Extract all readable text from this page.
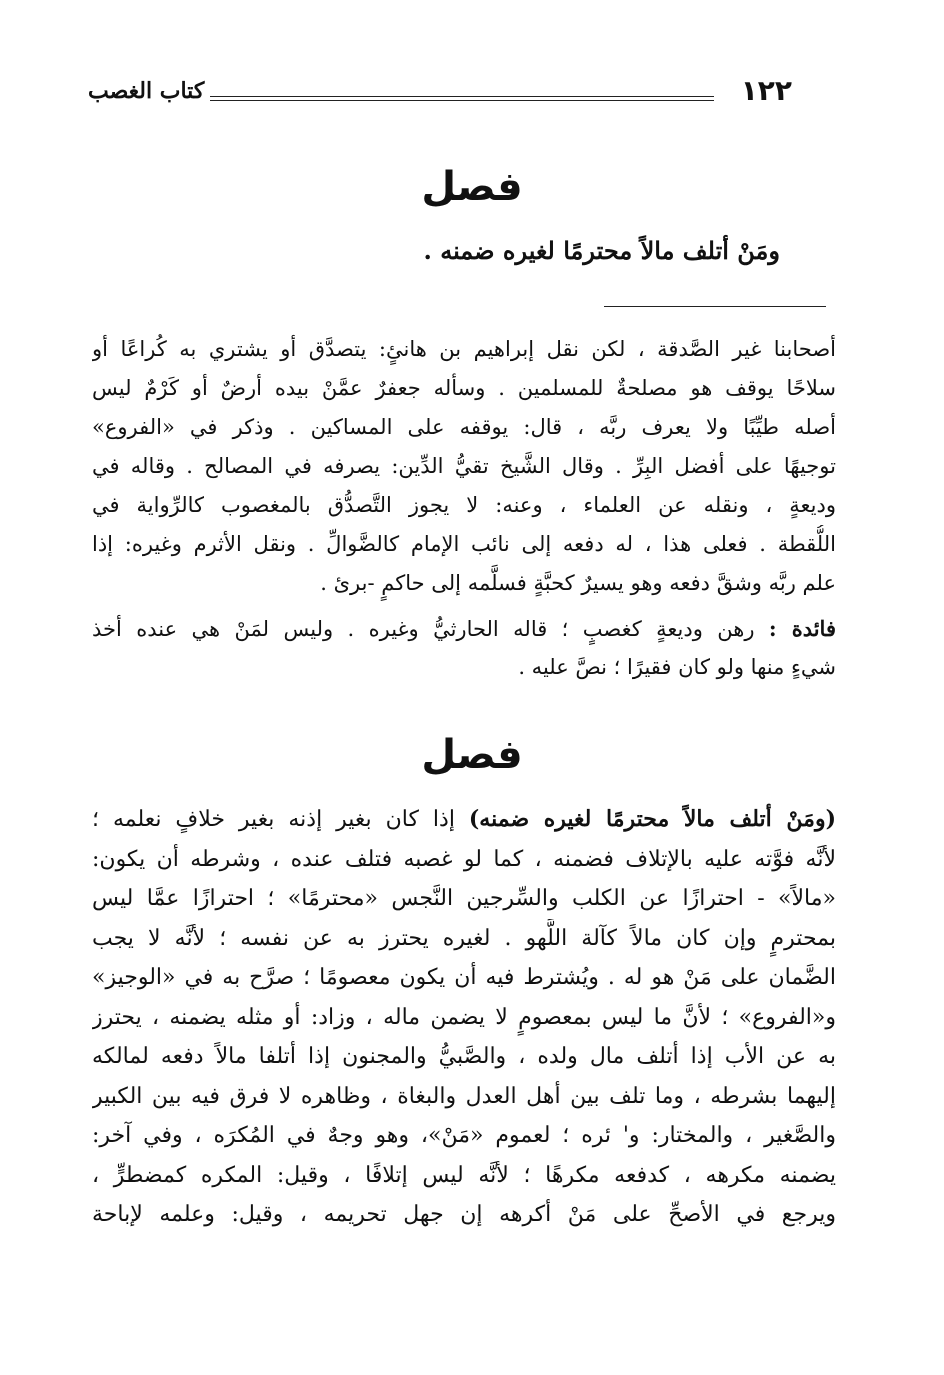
١٢٢
كتاب الغصب
فصل
ومَنْ أتلف مالاً محترمًا لغيره ضمنه .
أصحابنا غير الصَّدقة ، لكن نقل إبراهيم بن هانئٍ: يتصدَّق أو يشتري به كُراعًا أو
سلاحًا يوقف هو مصلحةٌ للمسلمين . وسأله جعفرٌ عمَّنْ بيده أرضٌ أو كَرْمٌ ليس
أصله طيِّبًا ولا يعرف ربَّه ، قال: يوقفه على المساكين . وذكر في «الفروع»
توجيهًا على أفضل البِرِّ . وقال الشَّيخ تقيُّ الدِّين: يصرفه في المصالح . وقاله في
وديعةٍ ، ونقله عن العلماء ، وعنه: لا يجوز التَّصدُّق بالمغصوب كالرِّواية في
اللُّقطة . فعلى هذا ، له دفعه إلى نائب الإمام كالضَّوالِّ . ونقل الأثرم وغيره: إذا
علم ربَّه وشقَّ دفعه وهو يسيرٌ كحبَّةٍ فسلَّمه إلى حاكمٍ -برئ .
فائدة : رهن وديعةٍ كغصبٍ ؛ قاله الحارثيُّ وغيره . وليس لمَنْ هي عنده أخذ
شيءٍ منها ولو كان فقيرًا ؛ نصَّ عليه .
فصل
(ومَنْ أتلف مالاً محترمًا لغيره ضمنه) إذا كان بغير إذنه بغير خلافٍ نعلمه ؛
لأنَّه فوَّته عليه بالإتلاف فضمنه ، كما لو غصبه فتلف عنده ، وشرطه أن يكون:
«مالاً» - احترازًا عن الكلب والسِّرجين النَّجس «محترمًا» ؛ احترازًا عمَّا ليس
بمحترمٍ وإن كان مالاً كآلة اللَّهو . لغيره يحترز به عن نفسه ؛ لأنَّه لا يجب
الضَّمان على مَنْ هو له . ويُشترط فيه أن يكون معصومًا ؛ صرَّح به في «الوجيز»
و«الفروع» ؛ لأنَّ ما ليس بمعصومٍ لا يضمن ماله ، وزاد: أو مثله يضمنه ، يحترز
به عن الأب إذا أتلف مال ولده ، والصَّبيُّ والمجنون إذا أتلفا مالاً دفعه لمالكه
إليهما بشرطه ، وما تلف بين أهل العدل والبغاة ، وظاهره لا فرق فيه بين الكبير
والصَّغير ، والمختار: و' ئره ؛ لعموم «مَنْ»، وهو وجهٌ في المُكرَه ، وفي آخر:
يضمنه مكرهه ، كدفعه مكرهًا ؛ لأنَّه ليس إتلافًا ، وقيل: المكره كمضطرٍّ ،
ويرجع في الأصحِّ على مَنْ أكرهه إن جهل تحريمه ، وقيل: وعلمه لإباحة
